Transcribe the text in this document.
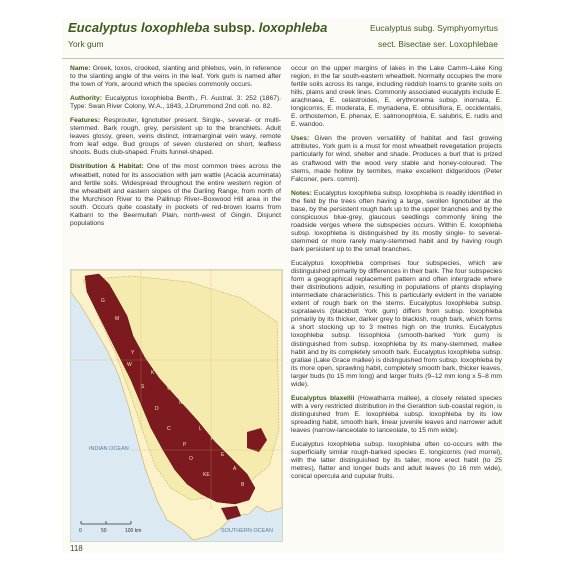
Eucalyptus loxophleba subsp. loxophleba
York gum
Eucalyptus subg. Symphyomyrtus
sect. Bisectae ser. Loxophlebae

Name: Greek, loxos, crooked, slanting and phlebos, vein, in reference to the slanting angle of the veins in the leaf. York gum is named after the town of York, around which the species commonly occurs.

Authority: Eucalyptus loxophleba Benth., Fl. Austral. 3: 252 (1867). Type: Swan River Colony, W.A., 1843, J.Drummond 2nd coll. no. 82.

Features: Resprouter, lignotuber present. Single-, several- or multi-stemmed. Bark rough, grey, persistent up to the branchlets. Adult leaves glossy, green, veins distinct, intramarginal vein wavy, remote from leaf edge. Bud groups of seven clustered on short, leafless shoots. Buds club-shaped. Fruits funnel-shaped.

Distribution & Habitat: One of the most common trees across the wheatbelt, noted for its association with jam wattle (Acacia acuminata) and fertile soils. Widespread throughout the entire western region of the wheatbelt and eastern slopes of the Darling Range, from north of the Murchison River to the Pallinup River–Boxwood Hill area in the south. Occurs quite coastally in pockets of red-brown loams from Kalbarri to the Beermullah Plain, north-west of Gingin. Disjunct populations

occur on the upper margins of lakes in the Lake Camm–Lake King region, in the far south-eastern wheatbelt. Normally occupies the more fertile soils across its range, including reddish loams to granite soils on hills, plains and creek lines. Commonly associated eucalypts include E. arachnaea, E. celastroides, E. erythronema subsp. inornata, E. longicornis, E. moderata, E. myriadena, E. obtusiflora, E. occidentalis, E. orthostemon, E. phenax, E. salmonophloia, E. salubris, E. rudis and E. wandoo.

Uses: Given the proven versatility of habitat and fast growing attributes, York gum is a must for most wheatbelt revegetation projects particularly for wind, shelter and shade. Produces a burl that is prized as craftwood with the wood very stable and honey-coloured. The stems, made hollow by termites, make excellent didgeridoos (Peter Falconer, pers. comm).

Notes: Eucalyptus loxophleba subsp. loxophleba is readily identified in the field by the trees often having a large, swollen lignotuber at the base, by the persistent rough bark up to the upper branches and by the conspicuous blue-grey, glaucous seedlings commonly lining the roadside verges where the subspecies occurs. Within E. loxophleba subsp. loxophleba is distinguished by its mostly single- to several-stemmed or more rarely many-stemmed habit and by having rough bark persistent up to the small branches.

Eucalyptus loxophleba comprises four subspecies, which are distinguished primarily by differences in their bark. The four subspecies form a geographical replacement pattern and often intergrade where their distributions adjoin, resulting in populations of plants displaying intermediate characteristics. This is particularly evident in the variable extent of rough bark on the stems. Eucalyptus loxophleba subsp. supralaevis (blackbutt York gum) differs from subsp. loxophleba primarily by its thicker, darker grey to blackish, rough bark, which forms a short stocking up to 3 metres high on the trunks. Eucalyptus loxophleba subsp. lissophloia (smooth-barked York gum) is distinguished from subsp. loxophleba by its many-stemmed, mallee habit and by its completely smooth bark. Eucalyptus loxophleba subsp. gratiae (Lake Grace mallee) is distinguished from subsp. loxophleba by its more open, sprawling habit, completely smooth bark, thicker leaves, larger buds (to 15 mm long) and larger fruits (9–12 mm long x 5–8 mm wide).

Eucalyptus blaxellii (Howatharra mallee), a closely related species with a very restricted distribution in the Geraldton sub-coastal region, is distinguished from E. loxophleba subsp. loxophleba by its low spreading habit, smooth bark, linear juvenile leaves and narrower adult leaves (narrow-lanceolate to lanceolate, to 15 mm wide).

Eucalyptus loxophleba subsp. loxophleba often co-occurs with the superficially similar rough-barked species E. longicornis (red morrel), with the latter distinguished by its taller, more erect habit (to 25 metres), flatter and longer buds and adult leaves (to 16 mm wide), conical opercula and cupular fruits.

G
M
Y
K
WH
N
KI
L
R
E
A
P
C
D
S
W
H
B
KE
O
T
INDIAN OCEAN
SOUTHERN OCEAN
0	50	100 km
118
